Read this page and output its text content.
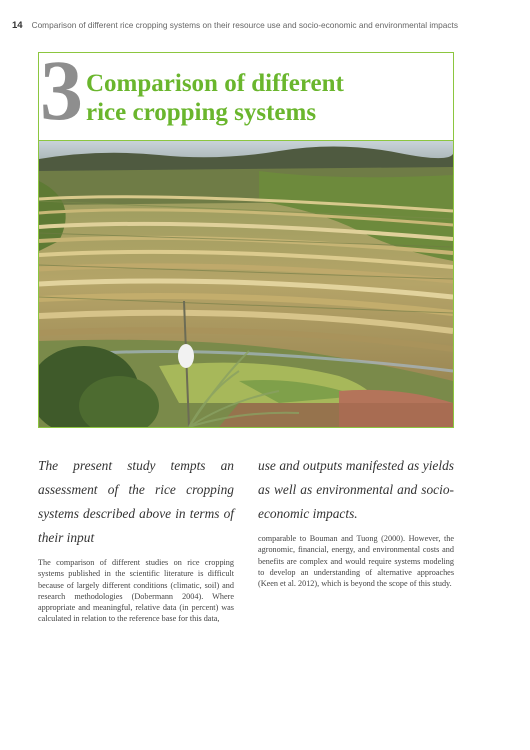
14 Comparison of different rice cropping systems on their resource use and socio-economic and environmental impacts
3 Comparison of different
rice cropping systems

The present study tempts an assessment of the rice cropping systems described above in terms of their input

The comparison of different studies on rice cropping systems published in the scientific literature is difficult because of largely different conditions (climatic, soil) and research methodologies (Dobermann 2004). Where appropriate and meaningful, relative data (in percent) was calculated in relation to the reference base for this data,

use and outputs manifested as yields as well as environmental and socio-economic impacts.

comparable to Bouman and Tuong (2000). However, the agronomic, financial, energy, and environmental costs and benefits are complex and would require systems modeling to develop an understanding of alternative approaches (Keen et al. 2012), which is beyond the scope of this study.
